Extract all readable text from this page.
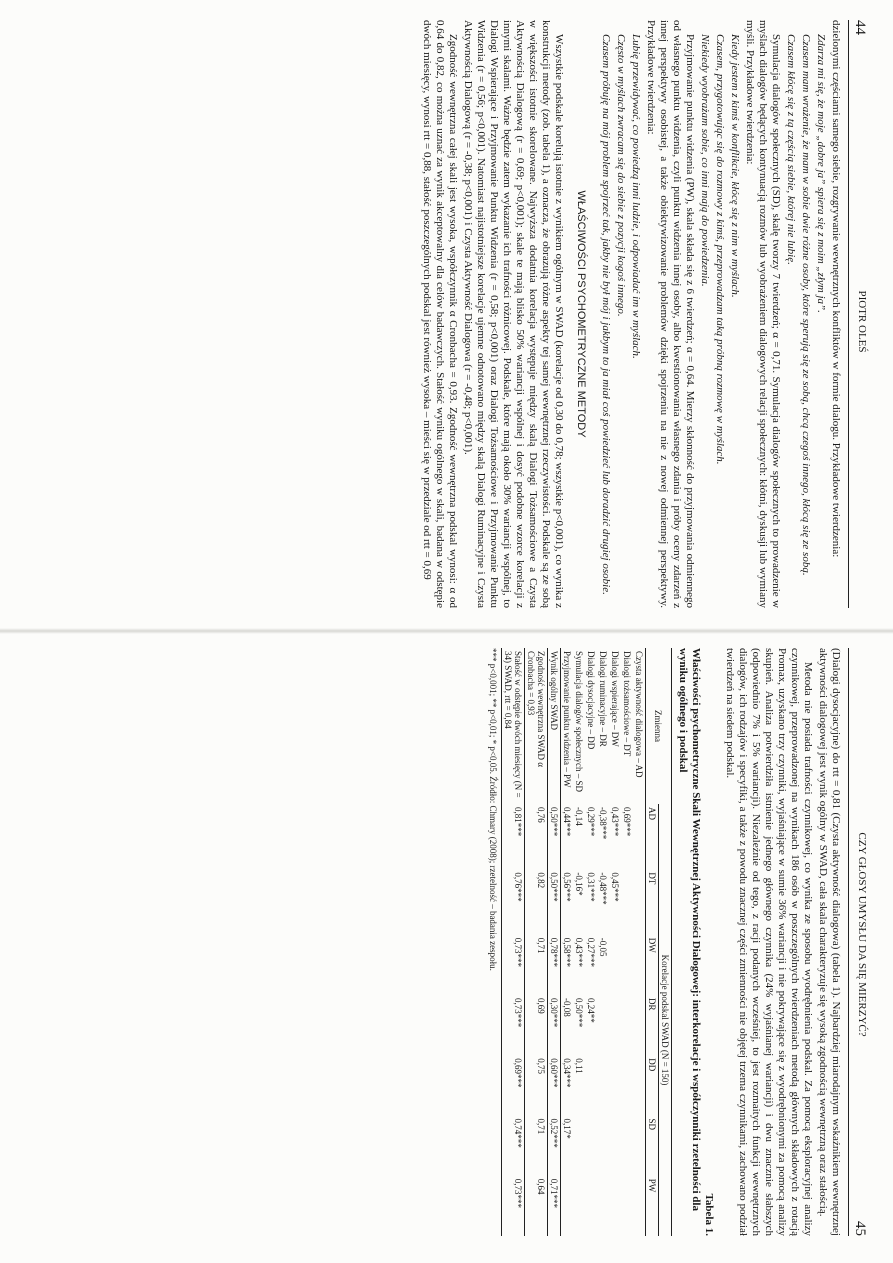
44
PIOTR OLEŚ

dzielonymi częściami samego siebie, rozgrywanie wewnętrznych konfliktów w formie dialogu. Przykładowe twierdzenia:

Zdarza mi się, że moje „dobre ja” spiera się z moim „złym ja”.

Czasem mam wrażenie, że mam w sobie dwie różne osoby, które sperują się ze sobą, chcą czegoś innego, kłócą się ze sobą.

Czasem kłócę się z tą częścią siebie, której nie lubię.

Symulacja dialogów społecznych (SD), skalę tworzy 7 twierdzeń; α = 0,71. Symulacja dialogów społecznych to prowadzenie w myślach dialogów będących kontynuacją rozmów lub wyobrażeniem dialogowych relacji społecznych: kłótni, dyskusji lub wymiany myśli. Przykładowe twierdzenia:

Kiedy jestem z kimś w konflikcie, kłócę się z nim w myślach.

Czasem, przygotowując się do rozmowy z kimś, przeprowadzam taką próbną rozmowę w myślach.

Niekiedy wyobrażam sobie, co inni mają do powiedzenia.

Przyjmowanie punktu widzenia (PW), skala składa się z 6 twierdzeń; α = 0,64. Mierzy skłonność do przyjmowania odmiennego od własnego punktu widzenia, czyli punktu widzenia innej osoby, albo kwestionowania własnego zdania i próby oceny zdarzeń z innej perspektywy osobistej, a także obiektywizowanie problemów dzięki spojrzeniu na nie z nowej odmiennej perspektywy. Przykładowe twierdzenia:

Lubię przewidywać, co powiedzą inni ludzie, i odpowiadać im w myślach.

Często w myślach zwracam się do siebie z pozycji kogoś innego.

Czasem próbuję na mój problem spojrzeć tak, jakby nie był mój i jakbym to ja miał coś powiedzieć lub doradzić drugiej osobie.

WŁAŚCIWOŚCI PSYCHOMETRYCZNE METODY

Wszystkie podskale korelują istotnie z wynikiem ogólnym w SWAD (korelacje od 0,30 do 0,78; wszystkie p<0,001), co wynika z konstrukcji metody (zob. tabela 1), a oznacza, że obrazują różne aspekty tej samej wewnętrznej rzeczywistości. Podskale są ze sobą w większości istotnie skorelowane. Najwyższa dodatnia korelacja występuje między skalą Dialogi Tożsamościowe a Czysta Aktywnością Dialogową (r = 0,69; p<0,001); skale te mają blisko 50% wariancji wspólnej i dosyć podobne wzorce korelacji z innymi skalami. Ważne będzie zatem wykazanie ich trafności różnicowej. Podskale, które mają około 30% wariancji wspólnej, to Dialogi Wspierające i Przyjmowanie Punktu Widzenia (r = 0,58; p<0,001) oraz Dialogi Tożsamościowe i Przyjmowanie Punktu Widzenia (r = 0,56; p<0,001). Natomiast najistotniejsze korelacje ujemne odnotowano między skalą Dialogi Ruminacyjne i Czysta Aktywnością Dialogową (r = -0,38; p<0,001) i Czysta Aktywność Dialogowa (r = -0,48; p<0,001).

Zgodność wewnętrzna całej skali jest wysoka, współczynnik α Cronbacha = 0,93. Zgodność wewnętrzna podskal wynosi: α od 0,64 do 0,82, co można uznać za wynik akceptowalny dla celów badawczych. Stałość wyniku ogólnego w skali, badana w odstępie dwóch miesięcy, wynosi rtt = 0,88, stałość poszczególnych podskal jest również wysoka – mieści się w przedziale od rtt = 0,69

CZY GŁOSY UMYSŁU DA SIĘ MIERZYĆ?
45

(Dialogi dysocjacyjne) do rtt = 0,81 (Czysta aktywność dialogowa) (tabela 1). Najbardziej miarodajnym wskaźnikiem wewnętrznej aktywności dialogowej jest wynik ogólny w SWAD, cała skala charakteryzuje się wysoką zgodnością wewnętrzną oraz stałością.

Metoda nie posiada trafności czynnikowej, co wynika ze sposobu wyodrębnienia podskal. Za pomocą eksploracyjnej analizy czynnikowej, przeprowadzonej na wynikach 186 osób w poszczególnych twierdzeniach metodą głównych składowych z rotacją Promax, uzyskano trzy czynniki, wyjaśniające w sumie 36% wariancji i nie pokrywające się z wyodrębnionymi za pomocą analizy skupień. Analiza potwierdziła istnienie jednego głównego czynnika (24% wyjaśnianej wariancji) i dwu znacznie słabszych (odpowiednio 7% i 5% wariancji). Niezależnie od tego, z racji podanych wcześniej, to jest rozmaitych funkcji wewnętrznych dialogów, ich rodzajów i specyfiki, a także z powodu znacznej części zmienności nie objętej trzema czynnikami, zachowano podział twierdzeń na siedem podskal.

Tabela 1.
Właściwości psychometryczne Skali Wewnętrznej Aktywności Dialogowej: interkorelacje i współczynniki rzetelności dla wyniku ogólnego i podskal
Zmienna	Korelacje podskal SWAD (N = 150)						
	AD	DT	DW	DR	DD	SD	PW
Czysta aktywność dialogowa – AD							
Dialogi tożsamościowe – DT	0,69***						
Dialogi wspierające – DW	0,43***	0,45***					
Dialogi ruminacyjne – DR	-0,38***	-0,48***	-0,05				
Dialogi dysocjacyjne – DD	0,29***	0,31***	0,27***	0,24**			
Symulacja dialogów społecznych – SD	-0,14	-0,16*	0,43***	0,50***	0,11		
Przyjmowanie punktu widzenia – PW	0,44***	0,56***	0,58***	-0,08	0,34***	0,17*	
Wynik ogólny SWAD	0,50***	0,50***	0,78***	0,30***	0,60***	0,52***	0,71***
Zgodność wewnętrzna SWAD α Cronbacha = 0,93	0,76	0,82	0,71	0,69	0,75	0,71	0,64
Stałość w odstępie dwóch miesięcy (N = 34) SWAD, rtt = 0,84	0,81***	0,76***	0,73***	0,73***	0,69***	0,74***	0,73***
*** p<0,001; ** p<0,01; * p<0,05. Źródło: Chmary (2008); rzetelność – badania zespołu.
